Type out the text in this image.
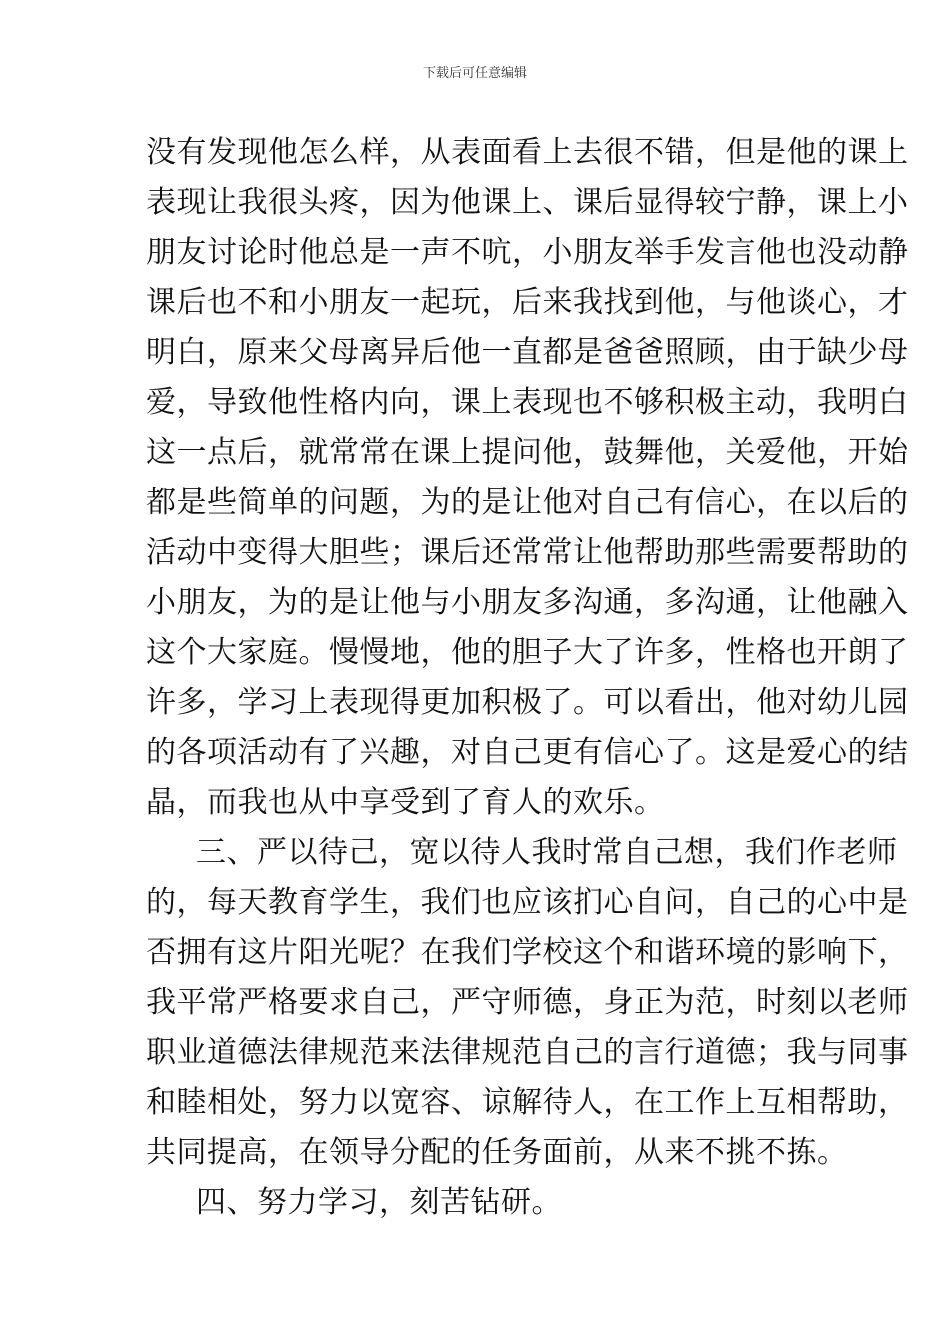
下载后可任意编辑
没有发现他怎么样，从表面看上去很不错，但是他的课上
表现让我很头疼，因为他课上、课后显得较宁静，课上小
朋友讨论时他总是一声不吭，小朋友举手发言他也没动静
课后也不和小朋友一起玩，后来我找到他，与他谈心，才
明白，原来父母离异后他一直都是爸爸照顾，由于缺少母
爱，导致他性格内向，课上表现也不够积极主动，我明白
这一点后，就常常在课上提问他，鼓舞他，关爱他，开始
都是些简单的问题，为的是让他对自己有信心，在以后的
活动中变得大胆些；课后还常常让他帮助那些需要帮助的
小朋友，为的是让他与小朋友多沟通，多沟通，让他融入
这个大家庭。慢慢地，他的胆子大了许多，性格也开朗了
许多，学习上表现得更加积极了。可以看出，他对幼儿园
的各项活动有了兴趣，对自己更有信心了。这是爱心的结
晶，而我也从中享受到了育人的欢乐。
三、严以待己，宽以待人我时常自己想，我们作老师
的，每天教育学生，我们也应该扪心自问，自己的心中是
否拥有这片阳光呢？在我们学校这个和谐环境的影响下，
我平常严格要求自己，严守师德，身正为范，时刻以老师
职业道德法律规范来法律规范自己的言行道德；我与同事
和睦相处，努力以宽容、谅解待人，在工作上互相帮助，
共同提高，在领导分配的任务面前，从来不挑不拣。
四、努力学习，刻苦钻研。
